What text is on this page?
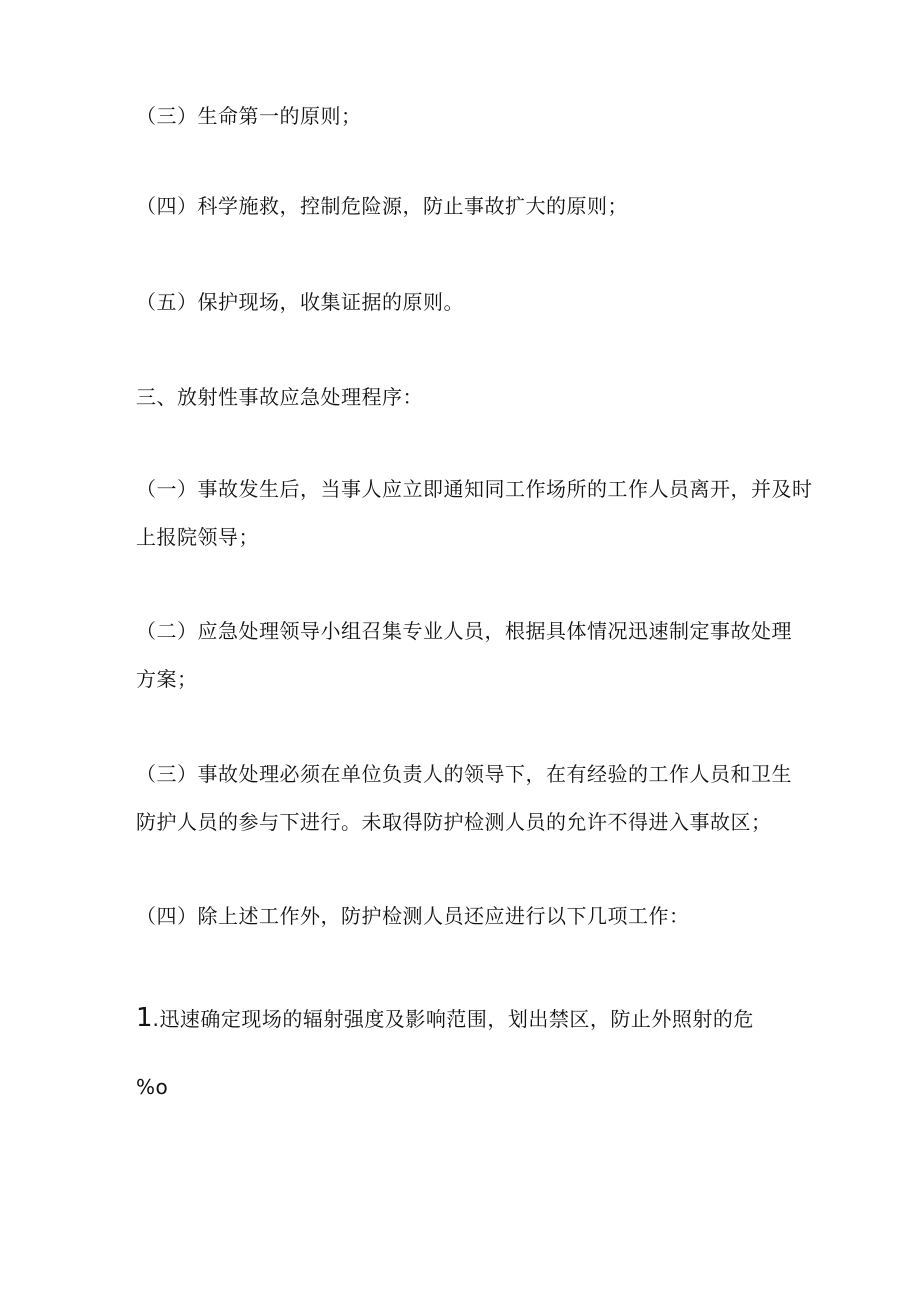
（三）生命第一的原则；
（四）科学施救，控制危险源，防止事故扩大的原则；
（五）保护现场，收集证据的原则。
三、放射性事故应急处理程序：
（一）事故发生后，当事人应立即通知同工作场所的工作人员离开，并及时
上报院领导；
（二）应急处理领导小组召集专业人员，根据具体情况迅速制定事故处理
方案；
（三）事故处理必须在单位负责人的领导下，在有经验的工作人员和卫生
防护人员的参与下进行。未取得防护检测人员的允许不得进入事故区；
（四）除上述工作外，防护检测人员还应进行以下几项工作：
1.迅速确定现场的辐射强度及影响范围，划出禁区，防止外照射的危
%o
